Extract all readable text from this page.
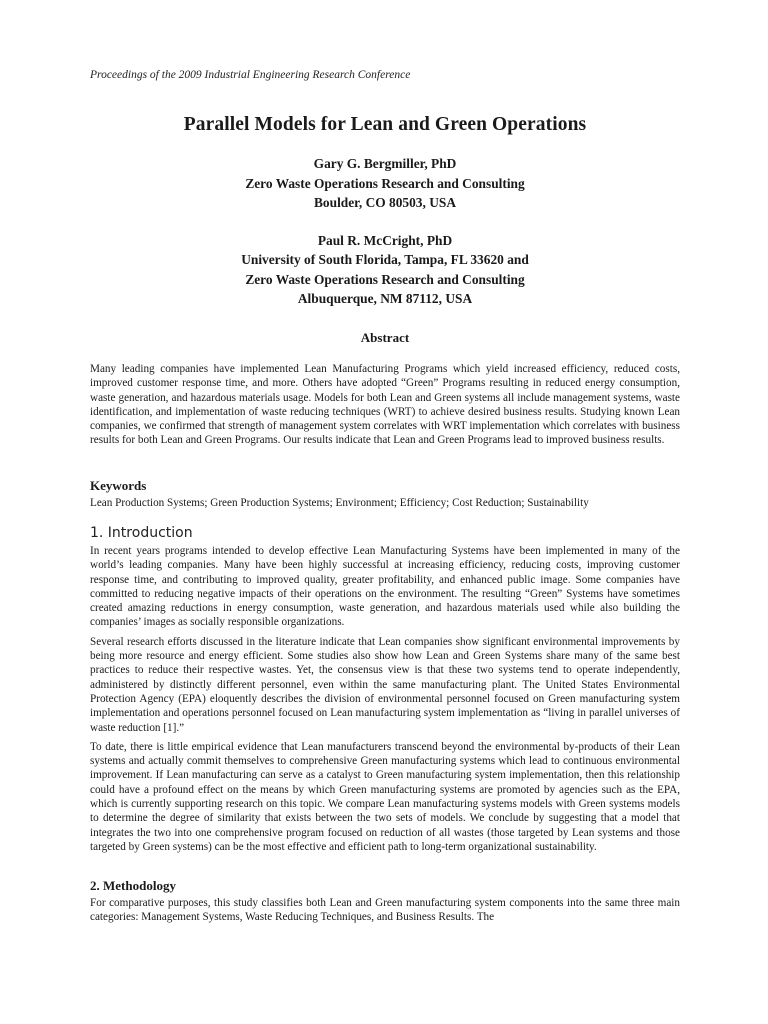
Proceedings of the 2009 Industrial Engineering Research Conference
Parallel Models for Lean and Green Operations
Gary G. Bergmiller, PhD
Zero Waste Operations Research and Consulting
Boulder, CO 80503, USA
Paul R. McCright, PhD
University of South Florida, Tampa, FL 33620 and
Zero Waste Operations Research and Consulting
Albuquerque, NM 87112, USA
Abstract

Many leading companies have implemented Lean Manufacturing Programs which yield increased efficiency, reduced costs, improved customer response time, and more. Others have adopted “Green” Programs resulting in reduced energy consumption, waste generation, and hazardous materials usage. Models for both Lean and Green systems all include management systems, waste identification, and implementation of waste reducing techniques (WRT) to achieve desired business results. Studying known Lean companies, we confirmed that strength of management system correlates with WRT implementation which correlates with business results for both Lean and Green Programs. Our results indicate that Lean and Green Programs lead to improved business results.

Keywords
Lean Production Systems; Green Production Systems; Environment; Efficiency; Cost Reduction; Sustainability
1. Introduction

In recent years programs intended to develop effective Lean Manufacturing Systems have been implemented in many of the world’s leading companies. Many have been highly successful at increasing efficiency, reducing costs, improving customer response time, and contributing to improved quality, greater profitability, and enhanced public image. Some companies have committed to reducing negative impacts of their operations on the environment. The resulting “Green” Systems have sometimes created amazing reductions in energy consumption, waste generation, and hazardous materials used while also building the companies’ images as socially responsible organizations.

Several research efforts discussed in the literature indicate that Lean companies show significant environmental improvements by being more resource and energy efficient. Some studies also show how Lean and Green Systems share many of the same best practices to reduce their respective wastes. Yet, the consensus view is that these two systems tend to operate independently, administered by distinctly different personnel, even within the same manufacturing plant. The United States Environmental Protection Agency (EPA) eloquently describes the division of environmental personnel focused on Green manufacturing system implementation and operations personnel focused on Lean manufacturing system implementation as “living in parallel universes of waste reduction [1].”

To date, there is little empirical evidence that Lean manufacturers transcend beyond the environmental by-products of their Lean systems and actually commit themselves to comprehensive Green manufacturing systems which lead to continuous environmental improvement. If Lean manufacturing can serve as a catalyst to Green manufacturing system implementation, then this relationship could have a profound effect on the means by which Green manufacturing systems are promoted by agencies such as the EPA, which is currently supporting research on this topic. We compare Lean manufacturing systems models with Green systems models to determine the degree of similarity that exists between the two sets of models. We conclude by suggesting that a model that integrates the two into one comprehensive program focused on reduction of all wastes (those targeted by Lean systems and those targeted by Green systems) can be the most effective and efficient path to long-term organizational sustainability.

2. Methodology

For comparative purposes, this study classifies both Lean and Green manufacturing system components into the same three main categories: Management Systems, Waste Reducing Techniques, and Business Results. The
